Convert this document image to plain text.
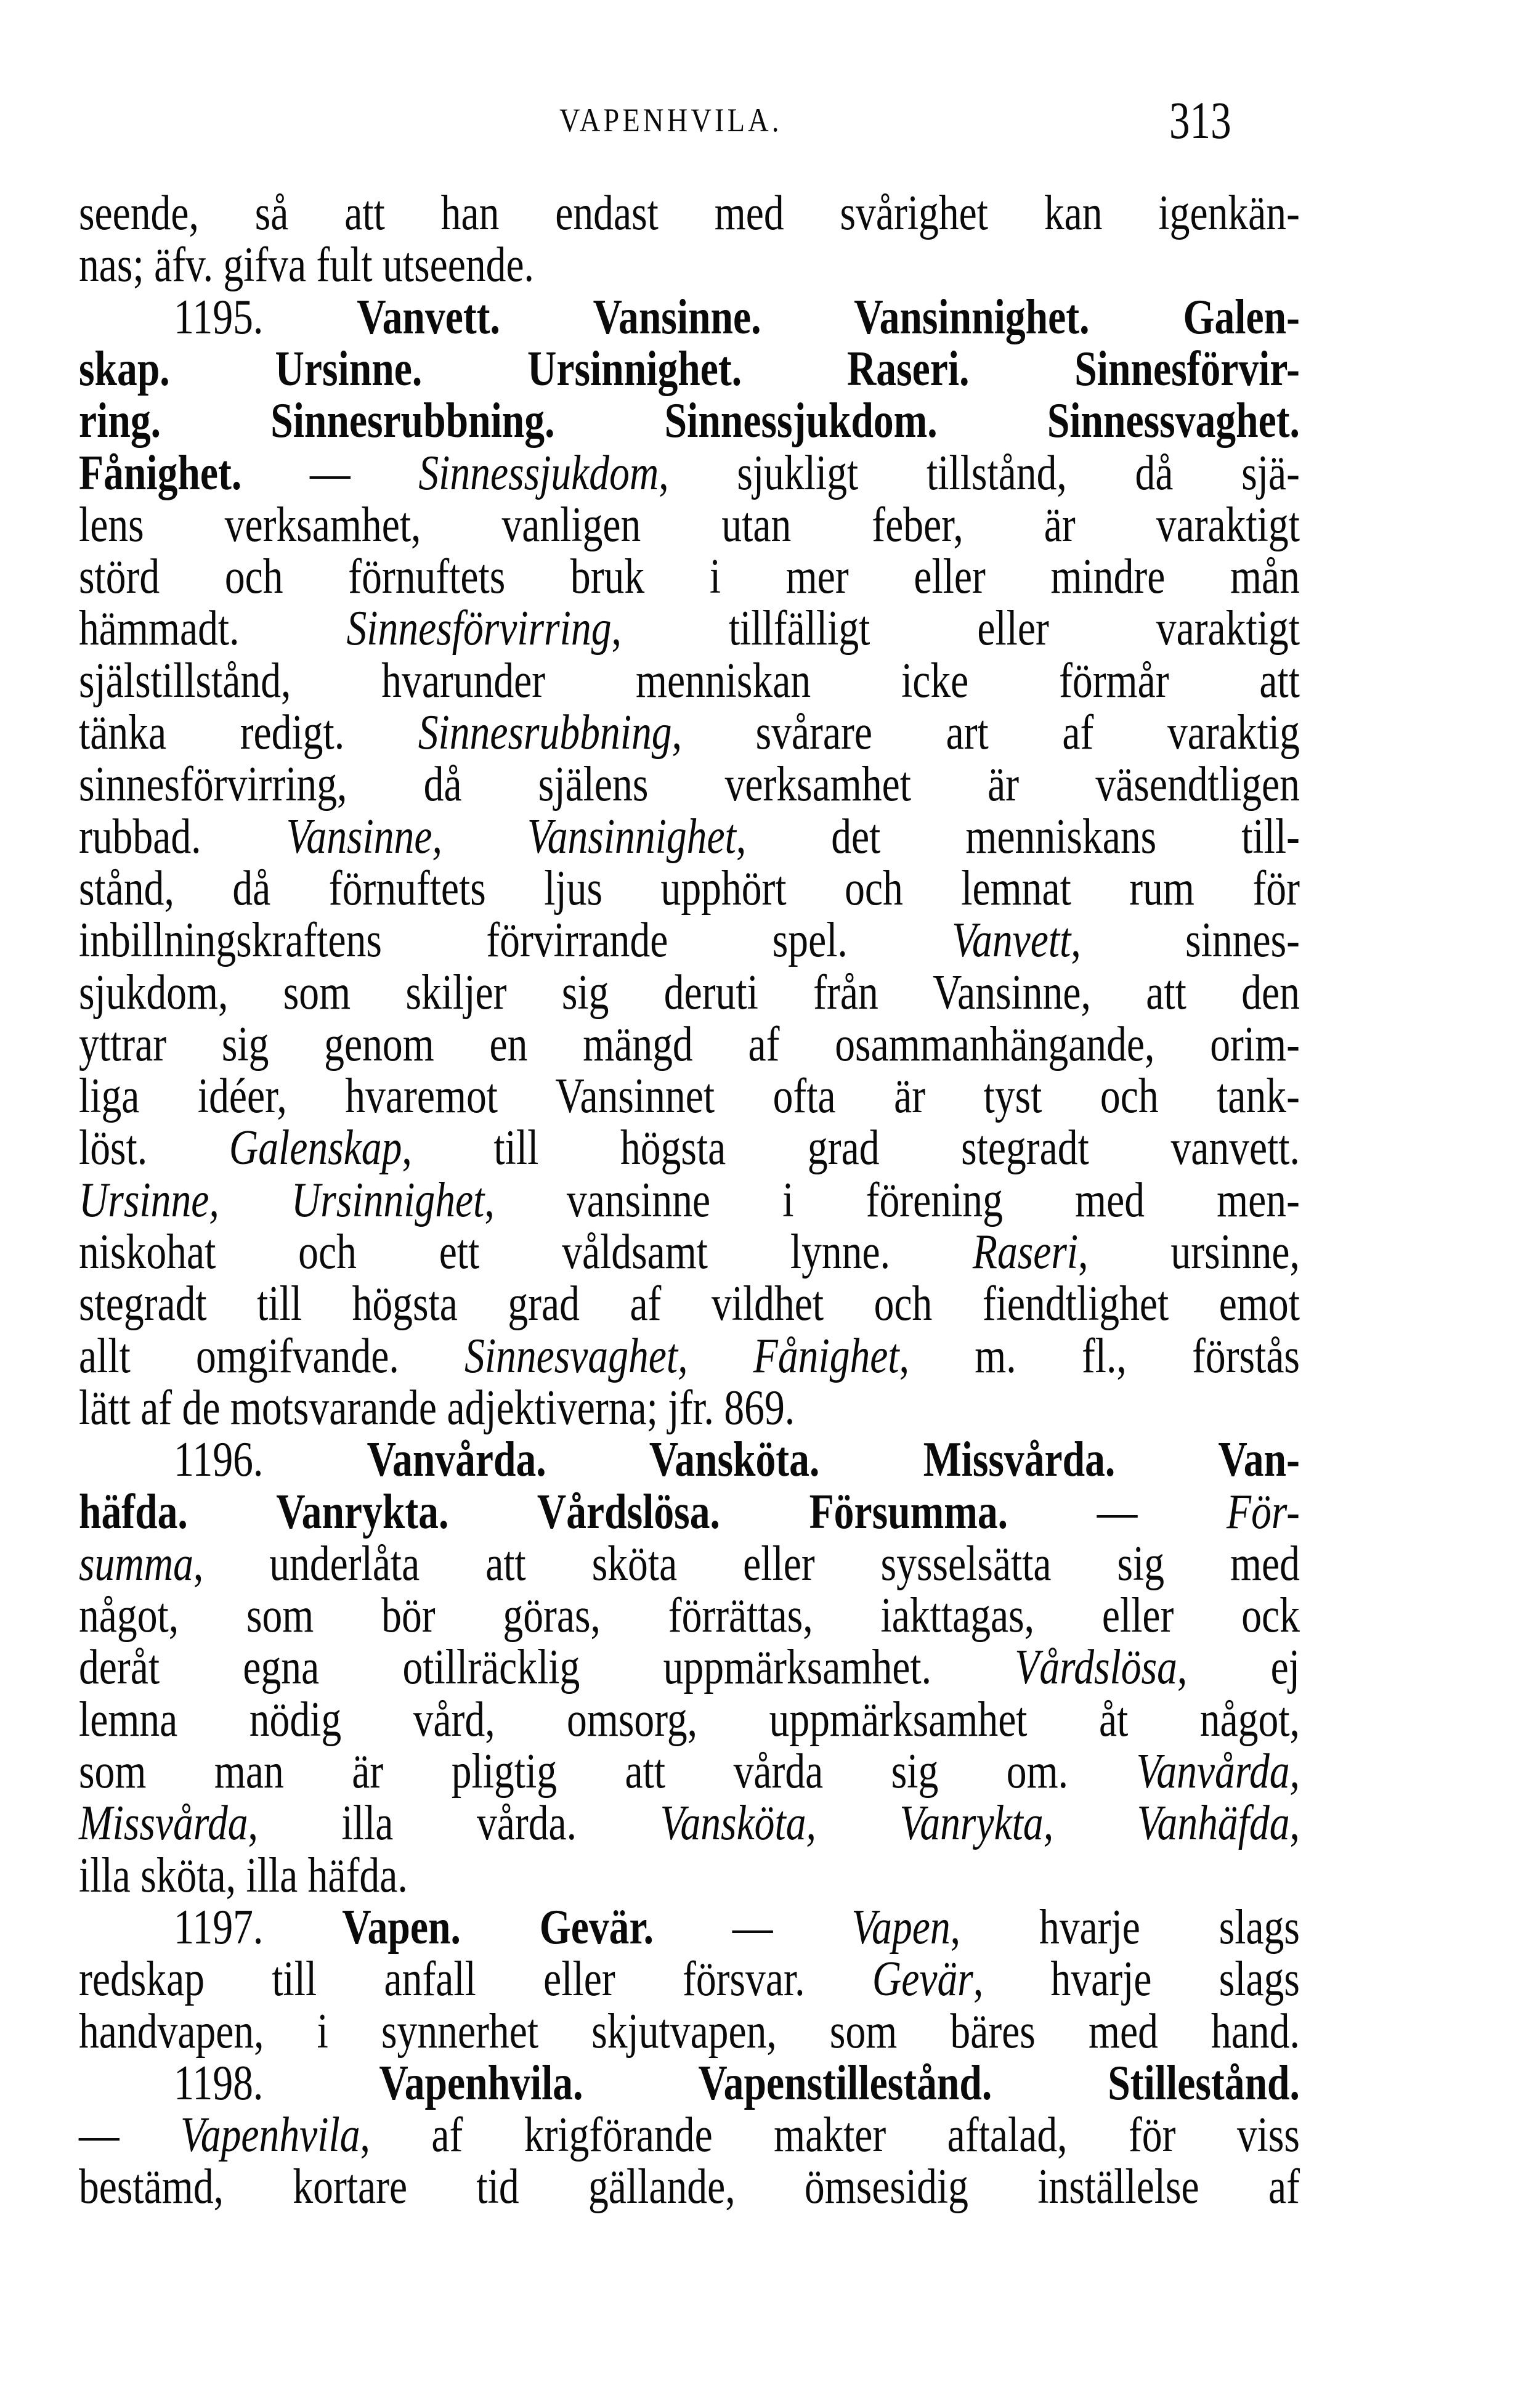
VAPENHVILA.	313
seende, så att han endast med svårighet kan igenkän-
nas; äfv. gifva fult utseende.
1195. Vanvett. Vansinne. Vansinnighet. Galen-
skap. Ursinne. Ursinnighet. Raseri. Sinnesförvir-
ring. Sinnesrubbning. Sinnessjukdom. Sinnessvaghet.
Fånighet. — Sinnessjukdom, sjukligt tillstånd, då sjä-
lens verksamhet, vanligen utan feber, är varaktigt
störd och förnuftets bruk i mer eller mindre mån
hämmadt. Sinnesförvirring, tillfälligt eller varaktigt
själstillstånd, hvarunder menniskan icke förmår att
tänka redigt. Sinnesrubbning, svårare art af varaktig
sinnesförvirring, då själens verksamhet är väsendtligen
rubbad. Vansinne, Vansinnighet, det menniskans till-
stånd, då förnuftets ljus upphört och lemnat rum för
inbillningskraftens förvirrande spel. Vanvett, sinnes-
sjukdom, som skiljer sig deruti från Vansinne, att den
yttrar sig genom en mängd af osammanhängande, orim-
liga idéer, hvaremot Vansinnet ofta är tyst och tank-
löst. Galenskap, till högsta grad stegradt vanvett.
Ursinne, Ursinnighet, vansinne i förening med men-
niskohat och ett våldsamt lynne. Raseri, ursinne,
stegradt till högsta grad af vildhet och fiendtlighet emot
allt omgifvande. Sinnesvaghet, Fånighet, m. fl., förstås
lätt af de motsvarande adjektiverna; jfr. 869.
1196. Vanvårda. Vansköta. Missvårda. Van-
häfda. Vanrykta. Vårdslösa. Försumma. — För-
summa, underlåta att sköta eller sysselsätta sig med
något, som bör göras, förrättas, iakttagas, eller ock
deråt egna otillräcklig uppmärksamhet. Vårdslösa, ej
lemna nödig vård, omsorg, uppmärksamhet åt något,
som man är pligtig att vårda sig om. Vanvårda,
Missvårda, illa vårda. Vansköta, Vanrykta, Vanhäfda,
illa sköta, illa häfda.
1197. Vapen. Gevär. — Vapen, hvarje slags
redskap till anfall eller försvar. Gevär, hvarje slags
handvapen, i synnerhet skjutvapen, som bäres med hand.
1198. Vapenhvila. Vapenstillestånd. Stillestånd.
— Vapenhvila, af krigförande makter aftalad, för viss
bestämd, kortare tid gällande, ömsesidig inställelse af
